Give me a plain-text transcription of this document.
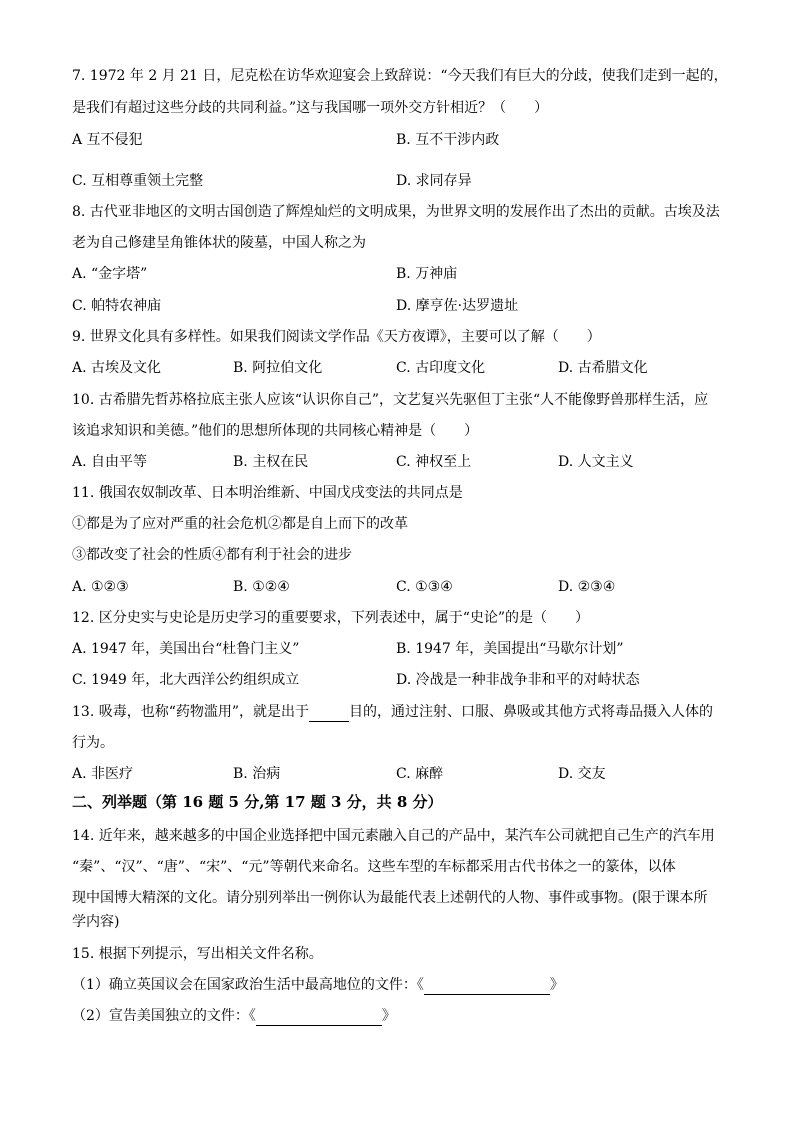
7. 1972 年 2 月 21 日，尼克松在访华欢迎宴会上致辞说：“今天我们有巨大的分歧，使我们走到一起的，
是我们有超过这些分歧的共同利益。”这与我国哪一项外交方针相近？（　　）
A 互不侵犯	B. 互不干涉内政
C. 互相尊重领土完整	D. 求同存异
8. 古代亚非地区的文明古国创造了辉煌灿烂的文明成果，为世界文明的发展作出了杰出的贡献。古埃及法
老为自己修建呈角锥体状的陵墓，中国人称之为
A. “金字塔”	B. 万神庙
C. 帕特农神庙	D. 摩亨佐·达罗遗址
9. 世界文化具有多样性。如果我们阅读文学作品《天方夜谭》，主要可以了解（　　）
A. 古埃及文化	B. 阿拉伯文化	C. 古印度文化	D. 古希腊文化
10. 古希腊先哲苏格拉底主张人应该“认识你自己”，文艺复兴先驱但丁主张“人不能像野兽那样生活，应
该追求知识和美德。”他们的思想所体现的共同核心精神是（　　）
A. 自由平等	B. 主权在民	C. 神权至上	D. 人文主义
11. 俄国农奴制改革、日本明治维新、中国戊戌变法的共同点是
①都是为了应对严重的社会危机②都是自上而下的改革
③都改变了社会的性质④都有利于社会的进步
A. ①②③	B. ①②④	C. ①③④	D. ②③④
12. 区分史实与史论是历史学习的重要要求，下列表述中，属于“史论”的是（　　）
A. 1947 年，美国出台“杜鲁门主义”	B. 1947 年，美国提出“马歇尔计划”
C. 1949 年，北大西洋公约组织成立	D. 冷战是一种非战争非和平的对峙状态
13. 吸毒，也称“药物滥用”，就是出于	目的，通过注射、口服、鼻吸或其他方式将毒品摄入人体的
行为。
A. 非医疗	B. 治病	C. 麻醉	D. 交友
二、列举题（第 16 题 5 分,第 17 题 3 分，共 8 分）
14. 近年来，越来越多的中国企业选择把中国元素融入自己的产品中，某汽车公司就把自己生产的汽车用
“秦”、“汉”、“唐”、“宋”、“元”等朝代来命名。这些车型的车标都采用古代书体之一的篆体，以体
现中国博大精深的文化。请分别列举出一例你认为最能代表上述朝代的人物、事件或事物。(限于课本所
学内容)
15. 根据下列提示，写出相关文件名称。
（1）确立英国议会在国家政治生活中最高地位的文件：《	》
（2）宣告美国独立的文件：《	》
